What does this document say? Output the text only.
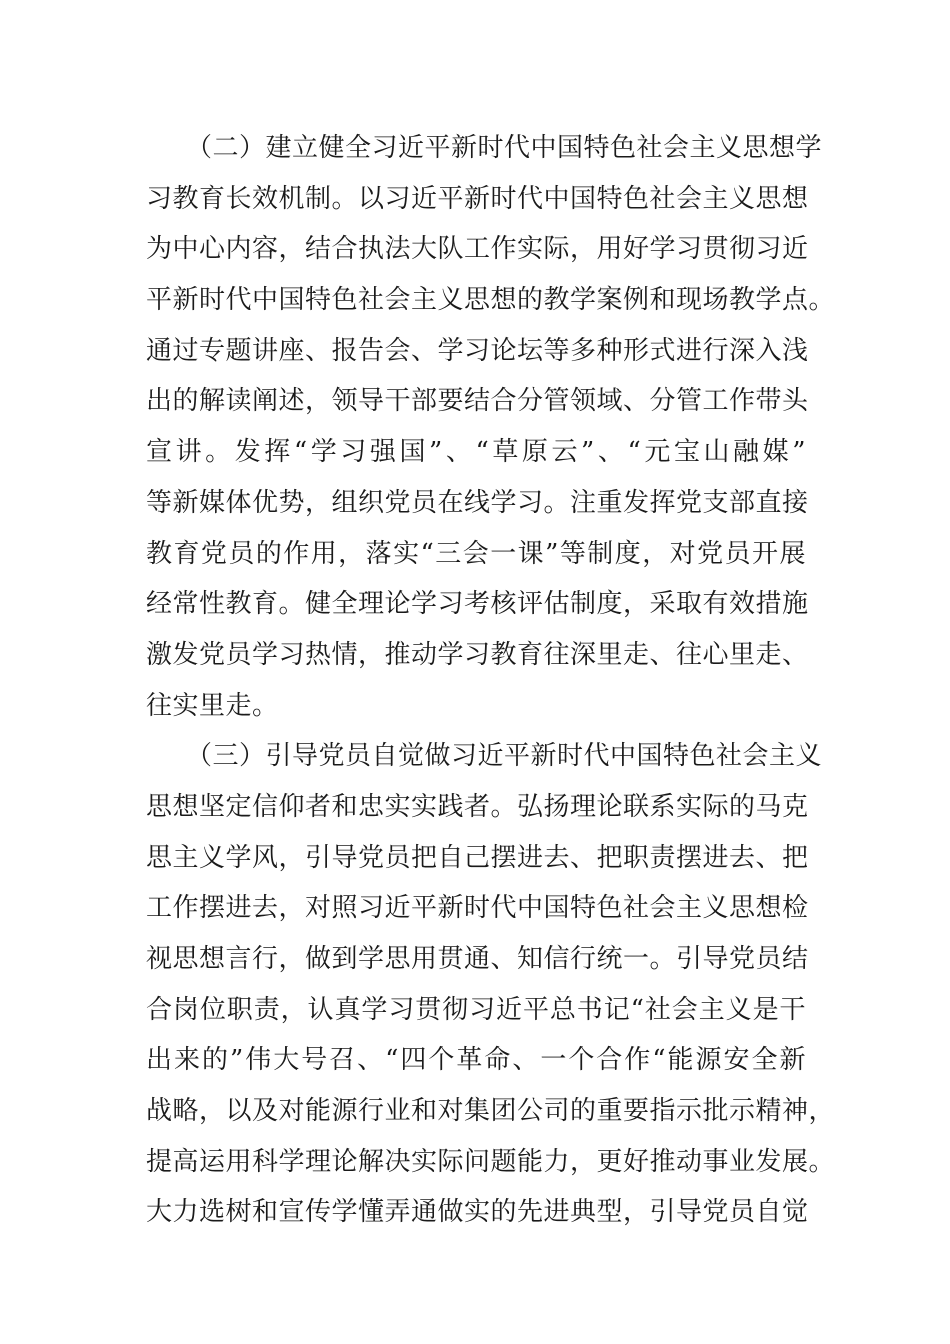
（二）建立健全习近平新时代中国特色社会主义思想学
习教育长效机制。以习近平新时代中国特色社会主义思想
为中心内容，结合执法大队工作实际，用好学习贯彻习近
平新时代中国特色社会主义思想的教学案例和现场教学点。
通过专题讲座、报告会、学习论坛等多种形式进行深入浅
出的解读阐述，领导干部要结合分管领域、分管工作带头
宣讲。发挥“学习强国”、“草原云”、“元宝山融媒”
等新媒体优势，组织党员在线学习。注重发挥党支部直接
教育党员的作用，落实“三会一课”等制度，对党员开展
经常性教育。健全理论学习考核评估制度，采取有效措施
激发党员学习热情，推动学习教育往深里走、往心里走、
往实里走。
（三）引导党员自觉做习近平新时代中国特色社会主义
思想坚定信仰者和忠实实践者。弘扬理论联系实际的马克
思主义学风，引导党员把自己摆进去、把职责摆进去、把
工作摆进去，对照习近平新时代中国特色社会主义思想检
视思想言行，做到学思用贯通、知信行统一。引导党员结
合岗位职责，认真学习贯彻习近平总书记“社会主义是干
出来的”伟大号召、“四个革命、一个合作“能源安全新
战略，以及对能源行业和对集团公司的重要指示批示精神，
提高运用科学理论解决实际问题能力，更好推动事业发展。
大力选树和宣传学懂弄通做实的先进典型，引导党员自觉
